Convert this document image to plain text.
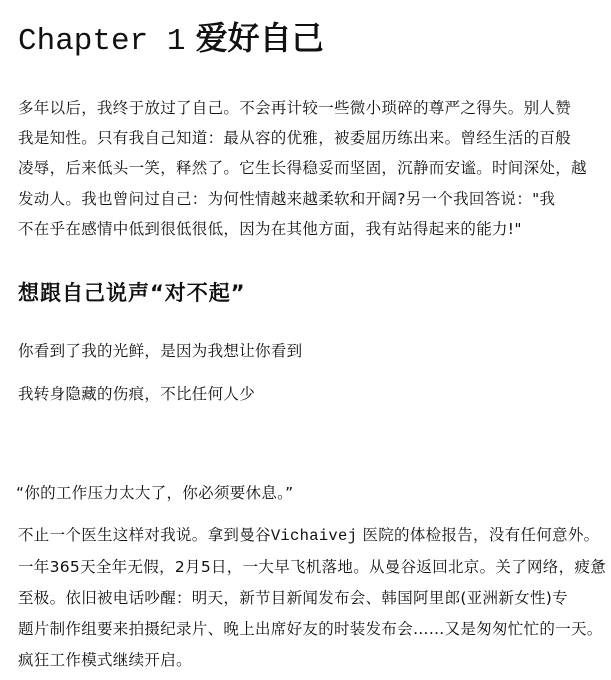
Chapter 1 爱好自己
多年以后，我终于放过了自己。不会再计较一些微小琐碎的尊严之得失。别人赞
我是知性。只有我自己知道：最从容的优雅，被委屈历练出来。曾经生活的百般
凌辱，后来低头一笑，释然了。它生长得稳妥而坚固，沉静而安谧。时间深处，越
发动人。我也曾问过自己：为何性情越来越柔软和开阔?另一个我回答说："我
不在乎在感情中低到很低很低，因为在其他方面，我有站得起来的能力!"
想跟自己说声“对不起”
你看到了我的光鲜，是因为我想让你看到
我转身隐藏的伤痕，不比任何人少
“你的工作压力太大了，你必须要休息。”
不止一个医生这样对我说。拿到曼谷Vichaivej 医院的体检报告，没有任何意外。
一年365天全年无假，2月5日，一大早飞机落地。从曼谷返回北京。关了网络，疲惫
至极。依旧被电话吵醒：明天，新节目新闻发布会、韩国阿里郎(亚洲新女性)专
题片制作组要来拍摄纪录片、晚上出席好友的时装发布会……又是匆匆忙忙的一天。
疯狂工作模式继续开启。
